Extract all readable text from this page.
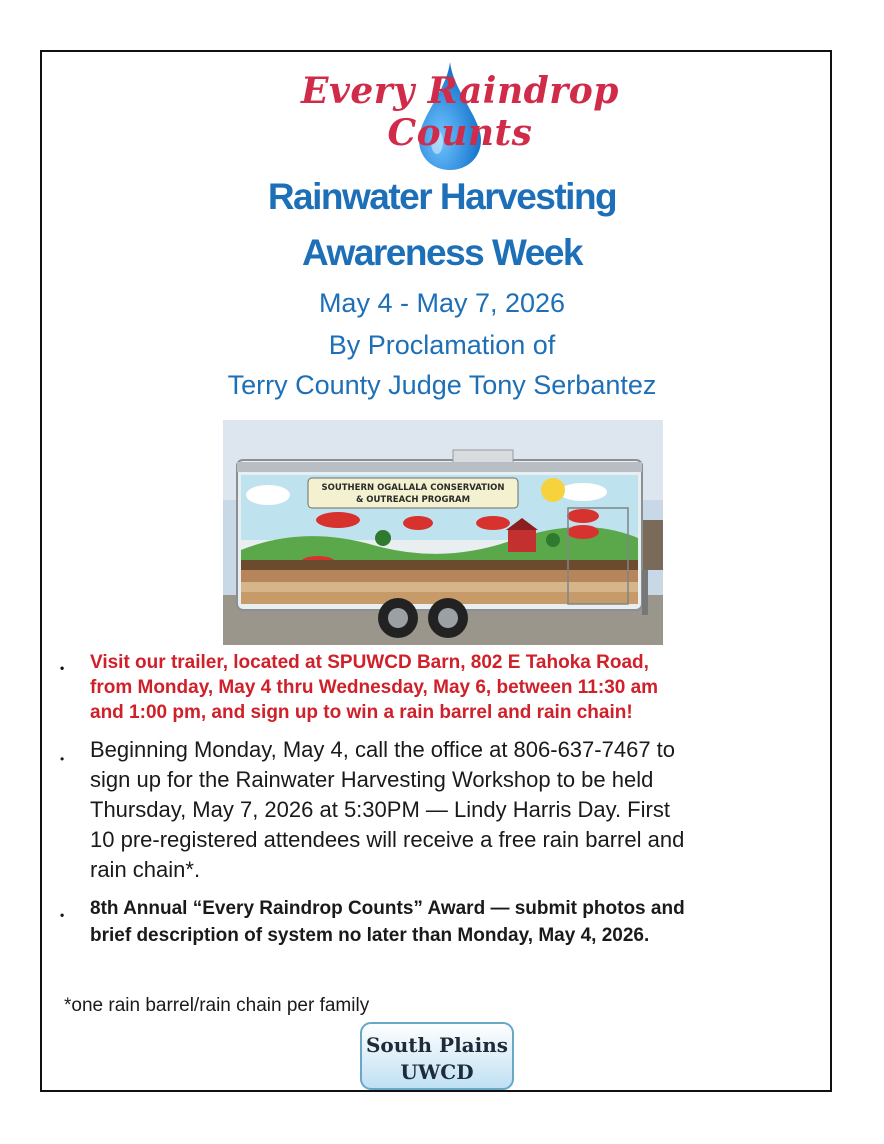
Every Raindrop Counts
Rainwater Harvesting
Awareness Week
May 4 - May 7, 2026
By Proclamation of
Terry County Judge Tony Serbantez
SOUTHERN OGALLALA CONSERVATION
& OUTREACH PROGRAM
• Visit our trailer, located at SPUWCD Barn, 802 E Tahoka Road,
from Monday, May 4 thru Wednesday, May 6, between 11:30 am
and 1:00 pm, and sign up to win a rain barrel and rain chain!
• Beginning Monday, May 4, call the office at 806-637-7467 to
sign up for the Rainwater Harvesting Workshop to be held
Thursday, May 7, 2026 at 5:30PM — Lindy Harris Day. First
10 pre-registered attendees will receive a free rain barrel and
rain chain*.
• 8th Annual “Every Raindrop Counts” Award — submit photos and
brief description of system no later than Monday, May 4, 2026.
*one rain barrel/rain chain per family
South Plains
UWCD
